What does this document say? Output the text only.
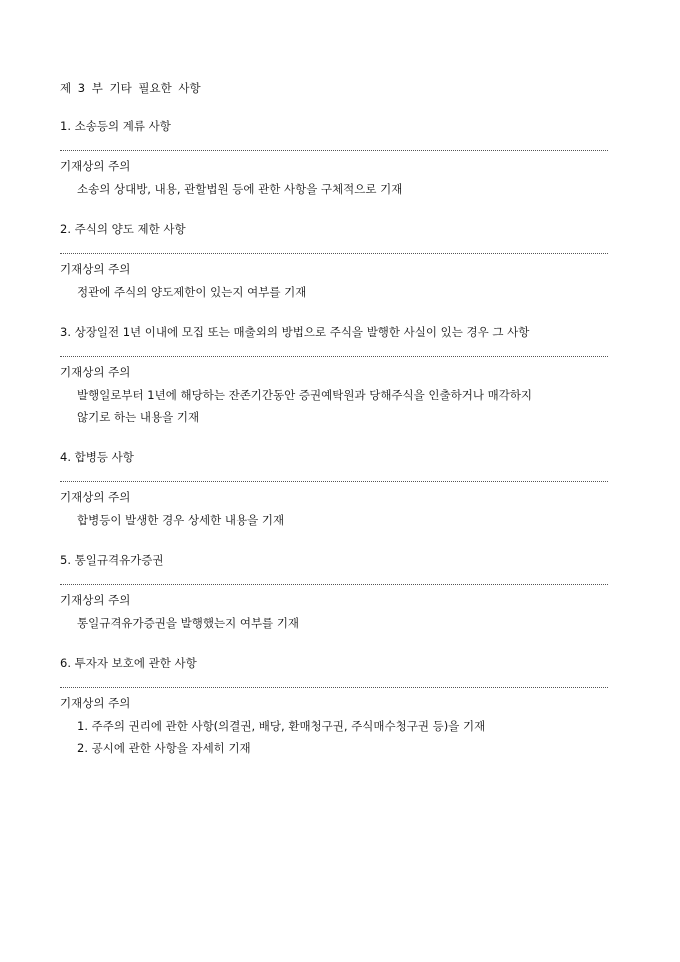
제 3 부 기타 필요한 사항
1. 소송등의 계류 사항
기재상의 주의
소송의 상대방, 내용, 관할법원 등에 관한 사항을 구체적으로 기재
2. 주식의 양도 제한 사항
기재상의 주의
정관에 주식의 양도제한이 있는지 여부를 기재
3. 상장일전 1년 이내에 모집 또는 매출외의 방법으로 주식을 발행한 사실이 있는 경우 그 사항
기재상의 주의
발행일로부터 1년에 해당하는 잔존기간동안 증권예탁원과 당해주식을 인출하거나 매각하지
않기로 하는 내용을 기재
4. 합병등 사항
기재상의 주의
합병등이 발생한 경우 상세한 내용을 기재
5. 통일규격유가증권
기재상의 주의
통일규격유가증권을 발행했는지 여부를 기재
6. 투자자 보호에 관한 사항
기재상의 주의
1. 주주의 권리에 관한 사항(의결권, 배당, 환매청구권, 주식매수청구권 등)을 기재
2. 공시에 관한 사항을 자세히 기재
